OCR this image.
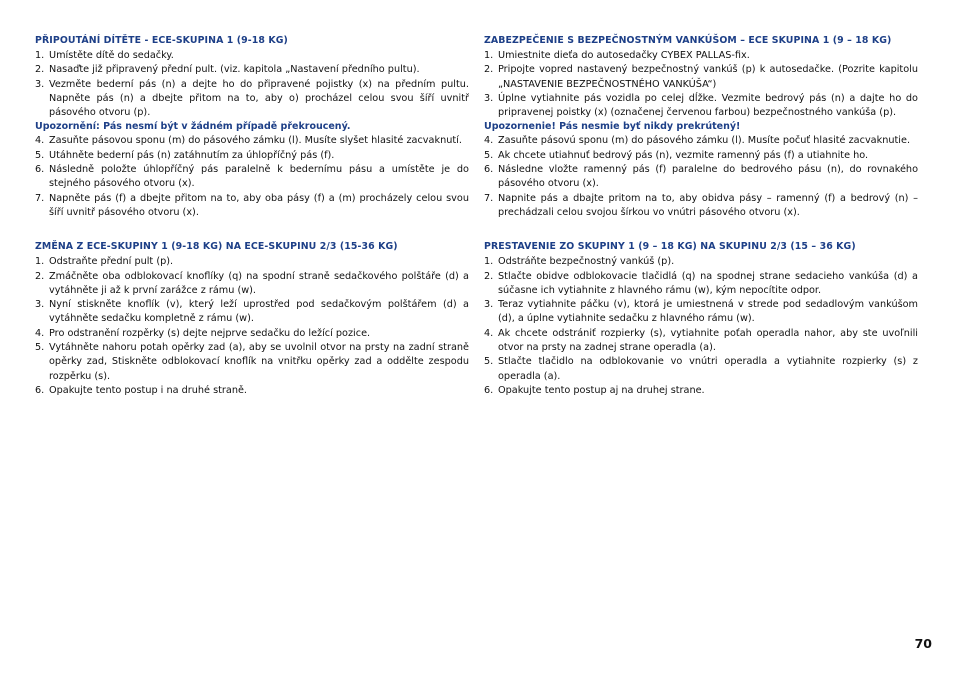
PŘIPOUTÁNÍ DÍTĚTE - ECE-SKUPINA 1 (9-18 KG)
1. Umístěte dítě do sedačky.
2. Nasaďte již připravený přední pult. (viz. kapitola „Nastavení předního pultu).
3. Vezměte bederní pás (n) a dejte ho do připravené pojistky (x) na předním pultu. Napněte pás (n) a dbejte přitom na to, aby o) procházel celou svou šíří uvnitř pásového otvoru (p).
Upozornění: Pás nesmí být v žádném případě překroucený.
4. Zasuňte pásovou sponu (m) do pásového zámku (l). Musíte slyšet hlasité zacvaknutí.
5. Utáhněte bederní pás (n) zatáhnutím za úhlopříčný pás (f).
6. Následně položte úhlopříčný pás paralelně k bedernímu pásu a umístěte je do stejného pásového otvoru (x).
7. Napněte pás (f) a dbejte přitom na to, aby oba pásy (f) a (m) procházely celou svou šíří uvnitř pásového otvoru (x).
ZMĚNA Z ECE-SKUPINY 1 (9-18 KG) NA ECE-SKUPINU 2/3 (15-36 KG)
1. Odstraňte přední pult (p).
2. Zmáčněte oba odblokovací knoflíky (q) na spodní straně sedačkového polštáře (d) a vytáhněte ji až k první zarážce z rámu (w).
3. Nyní stiskněte knoflík (v), který leží uprostřed pod sedačkovým polštářem (d) a vytáhněte sedačku kompletně z rámu (w).
4. Pro odstranění rozpěrky (s) dejte nejprve sedačku do ležící pozice.
5. Vytáhněte nahoru potah opěrky zad (a), aby se uvolnil otvor na prsty na zadní straně opěrky zad, Stiskněte odblokovací knoflík na vnitřku opěrky zad a oddělte zespodu rozpěrku (s).
6. Opakujte tento postup i na druhé straně.
ZABEZPEČENIE S BEZPEČNOSTNÝM VANKÚŠOM – ECE SKUPINA 1 (9 – 18 KG)
1. Umiestnite dieťa do autosedačky CYBEX PALLAS-fix.
2. Pripojte vopred nastavený bezpečnostný vankúš (p) k autosedačke. (Pozrite kapitolu „NASTAVENIE BEZPEČNOSTNÉHO VANKÚŠA“)
3. Úplne vytiahnite pás vozidla po celej dĺžke. Vezmite bedrový pás (n) a dajte ho do pripravenej poistky (x) (označenej červenou farbou) bezpečnostného vankúša (p).
Upozornenie! Pás nesmie byť nikdy prekrútený!
4. Zasuňte pásovú sponu (m) do pásového zámku (l). Musíte počuť hlasité zacvaknutie.
5. Ak chcete utiahnuť bedrový pás (n), vezmite ramenný pás (f) a utiahnite ho.
6. Následne vložte ramenný pás (f) paralelne do bedrového pásu (n), do rovnakého pásového otvoru (x).
7. Napnite pás a dbajte pritom na to, aby obidva pásy – ramenný (f) a bedrový (n) – prechádzali celou svojou šírkou vo vnútri pásového otvoru (x).
PRESTAVENIE ZO SKUPINY 1 (9 – 18 KG) NA SKUPINU 2/3 (15 – 36 KG)
1. Odstráňte bezpečnostný vankúš (p).
2. Stlačte obidve odblokovacie tlačidlá (q) na spodnej strane sedacieho vankúša (d) a súčasne ich vytiahnite z hlavného rámu (w), kým nepocítite odpor.
3. Teraz vytiahnite páčku (v), ktorá je umiestnená v strede pod sedadlovým vankúšom (d), a úplne vytiahnite sedačku z hlavného rámu (w).
4. Ak chcete odstrániť rozpierky (s), vytiahnite poťah operadla nahor, aby ste uvoľnili otvor na prsty na zadnej strane operadla (a).
5. Stlačte tlačidlo na odblokovanie vo vnútri operadla a vytiahnite rozpierky (s) z operadla (a).
6. Opakujte tento postup aj na druhej strane.
70
